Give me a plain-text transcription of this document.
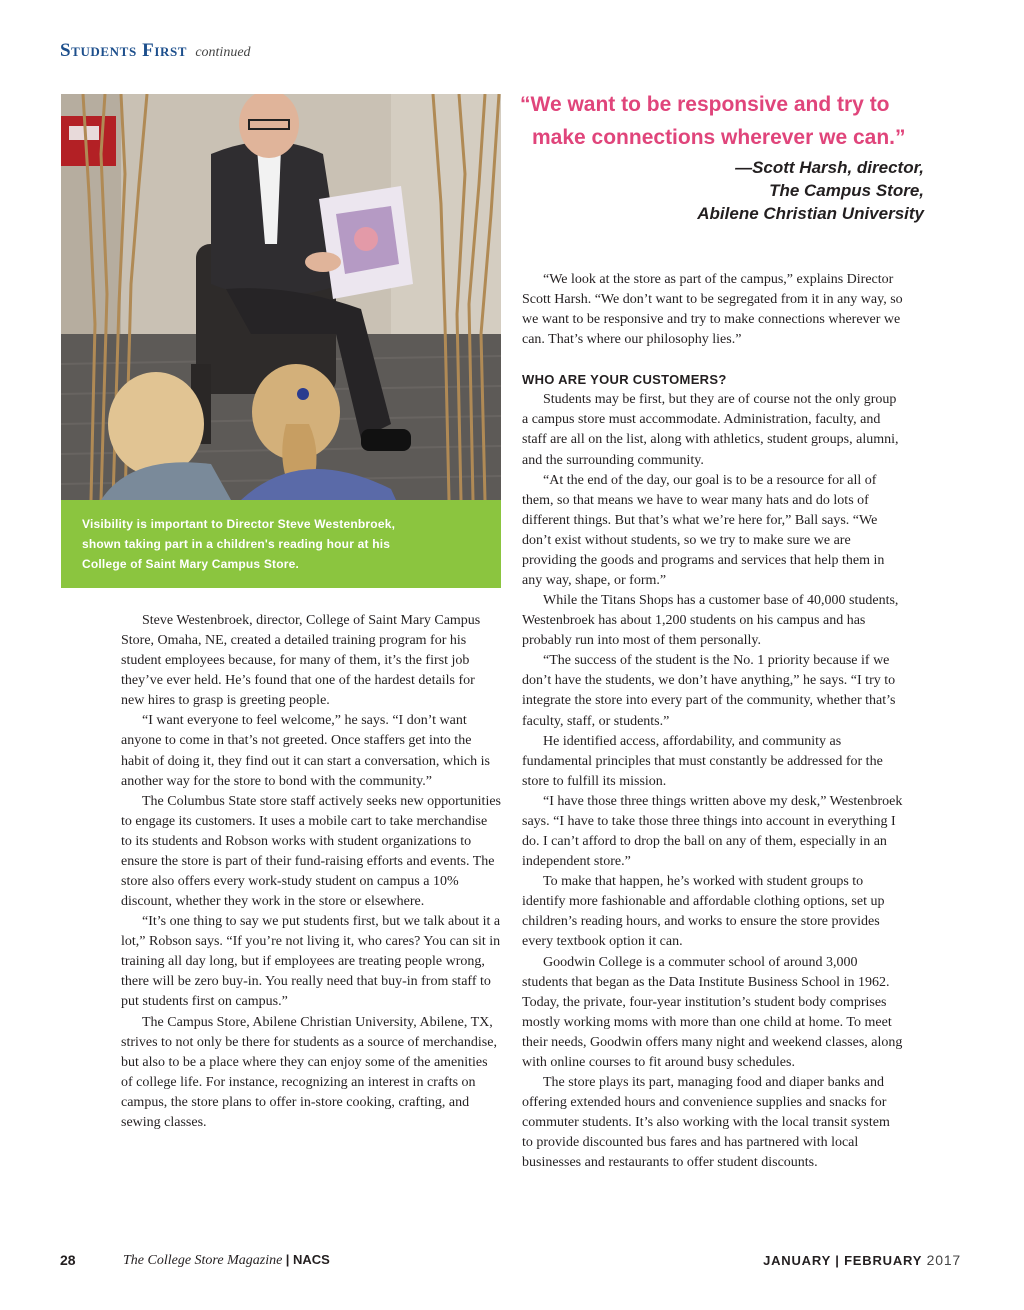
Students First continued

Visibility is important to Director Steve Westenbroek, shown taking part in a children's reading hour at his College of Saint Mary Campus Store.

“We want to be responsive and try to
make connections wherever we can.”
—Scott Harsh, director,
The Campus Store,
Abilene Christian University

Steve Westenbroek, director, College of Saint Mary Campus Store, Omaha, NE, created a detailed training program for his student employees because, for many of them, it’s the first job they’ve ever held. He’s found that one of the hardest details for new hires to grasp is greeting people.

“I want everyone to feel welcome,” he says. “I don’t want anyone to come in that’s not greeted. Once staffers get into the habit of doing it, they find out it can start a conversation, which is another way for the store to bond with the community.”

The Columbus State store staff actively seeks new opportunities to engage its customers. It uses a mobile cart to take merchandise to its students and Robson works with student organizations to ensure the store is part of their fund-raising efforts and events. The store also offers every work-study student on campus a 10% discount, whether they work in the store or elsewhere.

“It’s one thing to say we put students first, but we talk about it a lot,” Robson says. “If you’re not living it, who cares? You can sit in training all day long, but if employees are treating people wrong, there will be zero buy-in. You really need that buy-in from staff to put students first on campus.”

The Campus Store, Abilene Christian University, Abilene, TX, strives to not only be there for students as a source of merchandise, but also to be a place where they can enjoy some of the amenities of college life. For instance, recognizing an interest in crafts on campus, the store plans to offer in-store cooking, crafting, and sewing classes.

“We look at the store as part of the campus,” explains Director Scott Harsh. “We don’t want to be segregated from it in any way, so we want to be responsive and try to make connections wherever we can. That’s where our philosophy lies.”

WHO ARE YOUR CUSTOMERS?

Students may be first, but they are of course not the only group a campus store must accommodate. Administration, faculty, and staff are all on the list, along with athletics, student groups, alumni, and the surrounding community.

“At the end of the day, our goal is to be a resource for all of them, so that means we have to wear many hats and do lots of different things. But that’s what we’re here for,” Ball says. “We don’t exist without students, so we try to make sure we are providing the goods and programs and services that help them in any way, shape, or form.”

While the Titans Shops has a customer base of 40,000 students, Westenbroek has about 1,200 students on his campus and has probably run into most of them personally.

“The success of the student is the No. 1 priority because if we don’t have the students, we don’t have anything,” he says. “I try to integrate the store into every part of the community, whether that’s faculty, staff, or students.”

He identified access, affordability, and community as fundamental principles that must constantly be addressed for the store to fulfill its mission.

“I have those three things written above my desk,” Westenbroek says. “I have to take those three things into account in everything I do. I can’t afford to drop the ball on any of them, especially in an independent store.”

To make that happen, he’s worked with student groups to identify more fashionable and affordable clothing options, set up children’s reading hours, and works to ensure the store provides every textbook option it can.

Goodwin College is a commuter school of around 3,000 students that began as the Data Institute Business School in 1962. Today, the private, four-year institution’s student body comprises mostly working moms with more than one child at home. To meet their needs, Goodwin offers many night and weekend classes, along with online courses to fit around busy schedules.

The store plays its part, managing food and diaper banks and offering extended hours and convenience supplies and snacks for commuter students. It’s also working with the local transit system to provide discounted bus fares and has partnered with local businesses and restaurants to offer student discounts.

28	The College Store Magazine | NACS	JANUARY | FEBRUARY 2017
